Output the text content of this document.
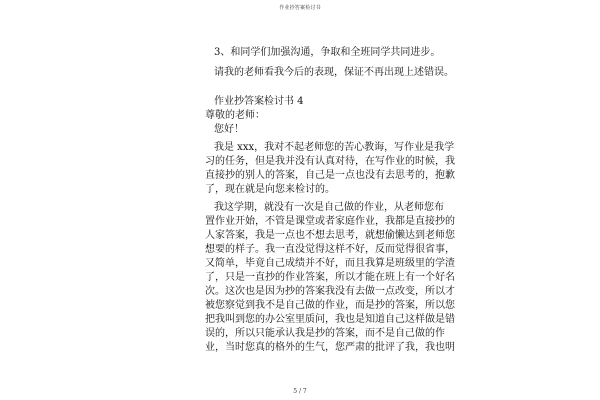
作业抄答案检讨书
3、和同学们加强沟通，争取和全班同学共同进步。
请我的老师看我今后的表现，保证不再出现上述错误。
作业抄答案检讨书 4
尊敬的老师：
您好！
我是 xxx，我对不起老师您的苦心教诲，写作业是我学
习的任务，但是我并没有认真对待，在写作业的时候，我
直接抄的别人的答案，自己是一点也没有去思考的，抱歉
了，现在就是向您来检讨的。
我这学期，就没有一次是自己做的作业，从老师您布
置作业开始，不管是课堂或者家庭作业，我都是直接抄的
人家答案，我是一点也不想去思考，就想偷懒达到老师您
想要的样子。我一直没觉得这样不好，反而觉得很省事，
又简单，毕竟自己成绩并不好，而且我算是班级里的学渣
了，只是一直抄的作业答案，所以才能在班上有一个好名
次。这次也是因为抄的答案我没有去做一点改变，所以才
被您察觉到我不是自己做的作业，而是抄的答案，所以您
把我叫到您的办公室里质问，我也是知道自己这样做是错
误的，所以只能承认我是抄的答案，而不是自己做的作
业，当时您真的格外的生气，您严肃的批评了我，我也明
5 / 7
